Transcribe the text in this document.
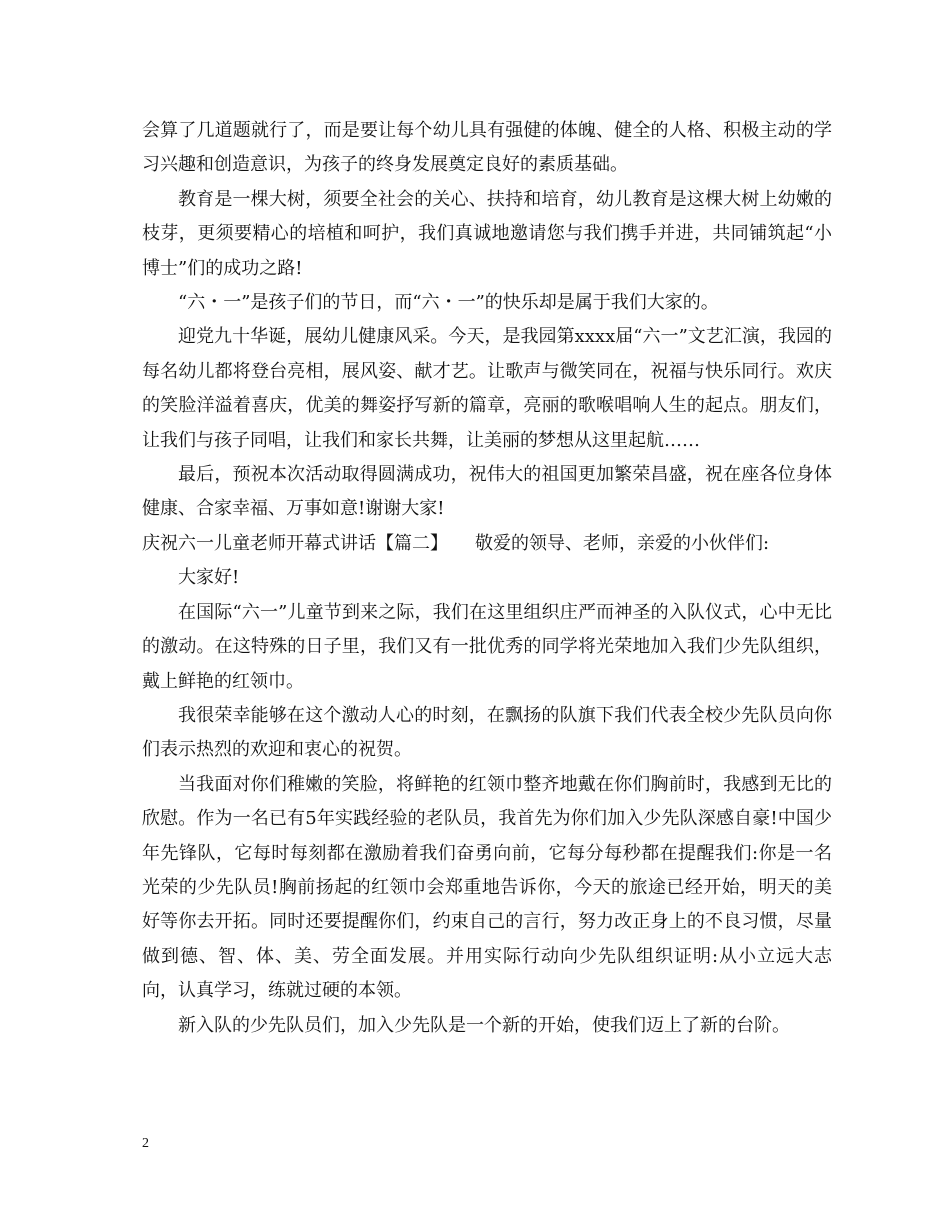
会算了几道题就行了，而是要让每个幼儿具有强健的体魄、健全的人格、积极主动的学习兴趣和创造意识，为孩子的终身发展奠定良好的素质基础。

教育是一棵大树，须要全社会的关心、扶持和培育，幼儿教育是这棵大树上幼嫩的枝芽，更须要精心的培植和呵护，我们真诚地邀请您与我们携手并进，共同铺筑起“小博士”们的成功之路!

“六・一”是孩子们的节日，而“六・一”的快乐却是属于我们大家的。

迎党九十华诞，展幼儿健康风采。今天，是我园第xxxx届“六一”文艺汇演，我园的每名幼儿都将登台亮相，展风姿、献才艺。让歌声与微笑同在，祝福与快乐同行。欢庆的笑脸洋溢着喜庆，优美的舞姿抒写新的篇章，亮丽的歌喉唱响人生的起点。朋友们，让我们与孩子同唱，让我们和家长共舞，让美丽的梦想从这里起航……

最后，预祝本次活动取得圆满成功，祝伟大的祖国更加繁荣昌盛，祝在座各位身体健康、合家幸福、万事如意!谢谢大家!

庆祝六一儿童老师开幕式讲话【篇二】　　敬爱的领导、老师，亲爱的小伙伴们:

大家好!

在国际“六一”儿童节到来之际，我们在这里组织庄严而神圣的入队仪式，心中无比的激动。在这特殊的日子里，我们又有一批优秀的同学将光荣地加入我们少先队组织，戴上鲜艳的红领巾。

我很荣幸能够在这个激动人心的时刻，在飘扬的队旗下我们代表全校少先队员向你们表示热烈的欢迎和衷心的祝贺。

当我面对你们稚嫩的笑脸，将鲜艳的红领巾整齐地戴在你们胸前时，我感到无比的欣慰。作为一名已有5年实践经验的老队员，我首先为你们加入少先队深感自豪!中国少年先锋队，它每时每刻都在激励着我们奋勇向前，它每分每秒都在提醒我们:你是一名光荣的少先队员!胸前扬起的红领巾会郑重地告诉你，今天的旅途已经开始，明天的美好等你去开拓。同时还要提醒你们，约束自己的言行，努力改正身上的不良习惯，尽量做到德、智、体、美、劳全面发展。并用实际行动向少先队组织证明:从小立远大志向，认真学习，练就过硬的本领。

新入队的少先队员们，加入少先队是一个新的开始，使我们迈上了新的台阶。

2
